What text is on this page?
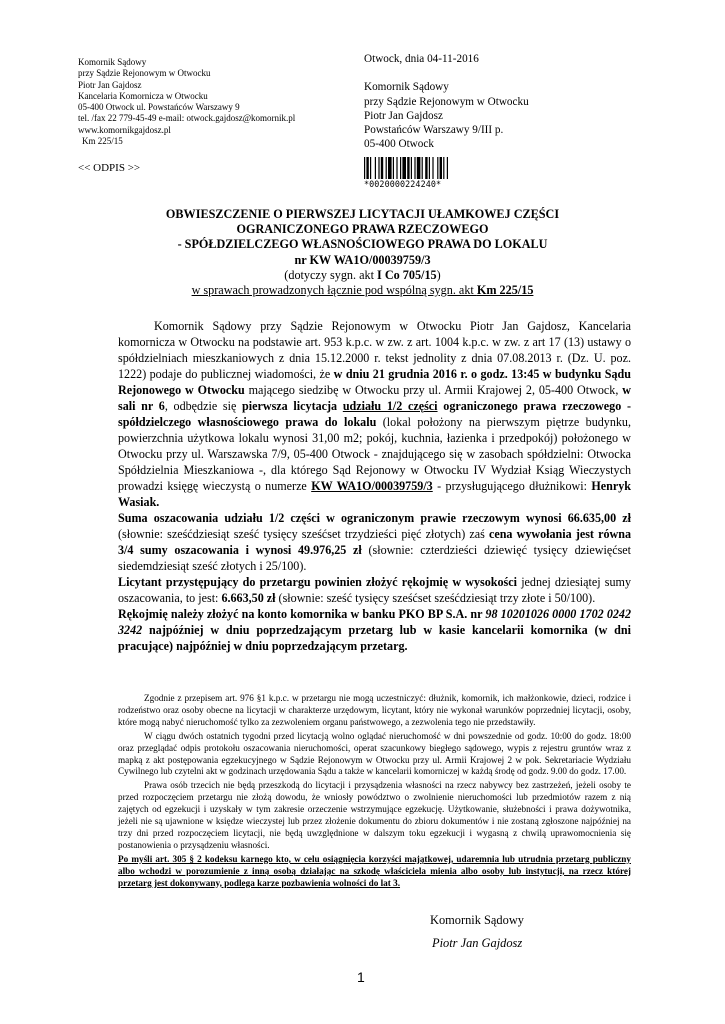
Komornik Sądowy
przy Sądzie Rejonowym w Otwocku
Piotr Jan Gajdosz
Kancelaria Komornicza w Otwocku
05-400 Otwock ul. Powstańców Warszawy 9
tel. /fax 22 779-45-49 e-mail: otwock.gajdosz@komornik.pl
www.komornikgajdosz.pl
Km 225/15
<< ODPIS >>
Otwock, dnia 04-11-2016
Komornik Sądowy
przy Sądzie Rejonowym w Otwocku
Piotr Jan Gajdosz
Powstańców Warszawy 9/III p.
05-400 Otwock
*0020000224240*
OBWIESZCZENIE O PIERWSZEJ LICYTACJI UŁAMKOWEJ CZĘŚCI
OGRANICZONEGO PRAWA RZECZOWEGO
- SPÓŁDZIELCZEGO WŁASNOŚCIOWEGO PRAWA DO LOKALU
nr KW WA1O/00039759/3
(dotyczy sygn. akt I Co 705/15)
w sprawach prowadzonych łącznie pod wspólną sygn. akt Km 225/15

Komornik Sądowy przy Sądzie Rejonowym w Otwocku Piotr Jan Gajdosz, Kancelaria komornicza w Otwocku na podstawie art. 953 k.p.c. w zw. z art. 1004 k.p.c. w zw. z art 17 (13) ustawy o spółdzielniach mieszkaniowych z dnia 15.12.2000 r. tekst jednolity z dnia 07.08.2013 r. (Dz. U. poz. 1222) podaje do publicznej wiadomości, że w dniu 21 grudnia 2016 r. o godz. 13:45 w budynku Sądu Rejonowego w Otwocku mającego siedzibę w Otwocku przy ul. Armii Krajowej 2, 05-400 Otwock, w sali nr 6, odbędzie się pierwsza licytacja udziału 1/2 części ograniczonego prawa rzeczowego - spółdzielczego własnościowego prawa do lokalu (lokal położony na pierwszym piętrze budynku, powierzchnia użytkowa lokalu wynosi 31,00 m2; pokój, kuchnia, łazienka i przedpokój) położonego w Otwocku przy ul. Warszawska 7/9, 05-400 Otwock - znajdującego się w zasobach spółdzielni: Otwocka Spółdzielnia Mieszkaniowa -, dla którego Sąd Rejonowy w Otwocku IV Wydział Ksiąg Wieczystych prowadzi księgę wieczystą o numerze KW WA1O/00039759/3 - przysługującego dłużnikowi: Henryk Wasiak.

Suma oszacowania udziału 1/2 części w ograniczonym prawie rzeczowym wynosi 66.635,00 zł (słownie: sześćdziesiąt sześć tysięcy sześćset trzydzieści pięć złotych) zaś cena wywołania jest równa 3/4 sumy oszacowania i wynosi 49.976,25 zł (słownie: czterdzieści dziewięć tysięcy dziewięćset siedemdziesiąt sześć złotych i 25/100).

Licytant przystępujący do przetargu powinien złożyć rękojmię w wysokości jednej dziesiątej sumy oszacowania, to jest: 6.663,50 zł (słownie: sześć tysięcy sześćset sześćdziesiąt trzy złote i 50/100).

Rękojmię należy złożyć na konto komornika w banku PKO BP S.A. nr 98 10201026 0000 1702 0242 3242 najpóźniej w dniu poprzedzającym przetarg lub w kasie kancelarii komornika (w dni pracujące) najpóźniej w dniu poprzedzającym przetarg.

Zgodnie z przepisem art. 976 §1 k.p.c. w przetargu nie mogą uczestniczyć: dłużnik, komornik, ich małżonkowie, dzieci, rodzice i rodzeństwo oraz osoby obecne na licytacji w charakterze urzędowym, licytant, który nie wykonał warunków poprzedniej licytacji, osoby, które mogą nabyć nieruchomość tylko za zezwoleniem organu państwowego, a zezwolenia tego nie przedstawiły.

W ciągu dwóch ostatnich tygodni przed licytacją wolno oglądać nieruchomość w dni powszednie od godz. 10:00 do godz. 18:00 oraz przeglądać odpis protokołu oszacowania nieruchomości, operat szacunkowy biegłego sądowego, wypis z rejestru gruntów wraz z mapką z akt postępowania egzekucyjnego w Sądzie Rejonowym w Otwocku przy ul. Armii Krajowej 2 w pok. Sekretariacie Wydziału Cywilnego lub czytelni akt w godzinach urzędowania Sądu a także w kancelarii komorniczej w każdą środę od godz. 9.00 do godz. 17.00.

Prawa osób trzecich nie będą przeszkodą do licytacji i przysądzenia własności na rzecz nabywcy bez zastrzeżeń, jeżeli osoby te przed rozpoczęciem przetargu nie złożą dowodu, że wniosły powództwo o zwolnienie nieruchomości lub przedmiotów razem z nią zajętych od egzekucji i uzyskały w tym zakresie orzeczenie wstrzymujące egzekucję. Użytkowanie, służebności i prawa dożywotnika, jeżeli nie są ujawnione w księdze wieczystej lub przez złożenie dokumentu do zbioru dokumentów i nie zostaną zgłoszone najpóźniej na trzy dni przed rozpoczęciem licytacji, nie będą uwzględnione w dalszym toku egzekucji i wygasną z chwilą uprawomocnienia się postanowienia o przysądzeniu własności.

Po myśli art. 305 § 2 kodeksu karnego kto, w celu osiągnięcia korzyści majątkowej, udaremnia lub utrudnia przetarg publiczny albo wchodzi w porozumienie z inną osobą działając na szkodę właściciela mienia albo osoby lub instytucji, na rzecz której przetarg jest dokonywany, podlega karze pozbawienia wolności do lat 3.

Komornik Sądowy
Piotr Jan Gajdosz
1
